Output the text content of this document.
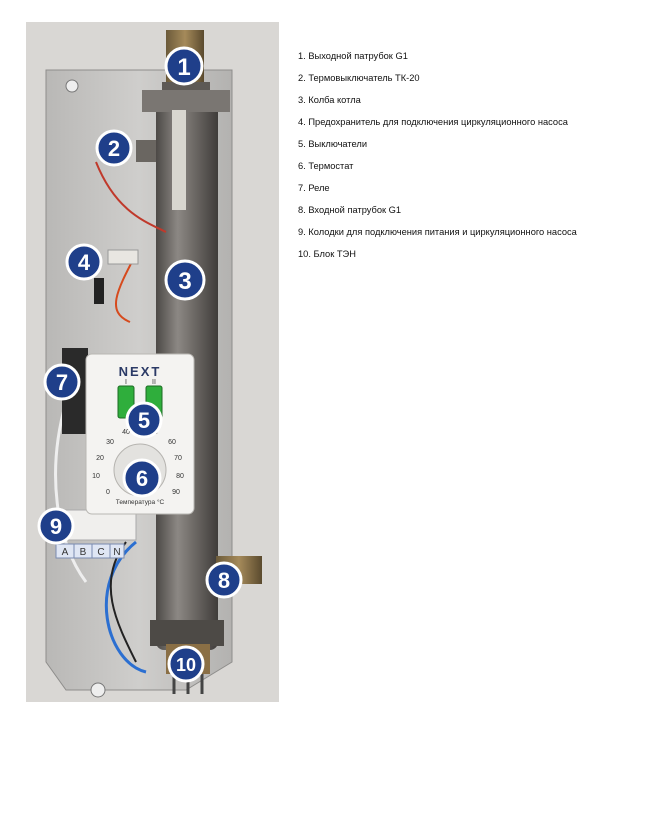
A B C N
NEXT
I	II
10
20
30
40
60
70
80
90
0
Температура °С
1
2
3
4
5
6
7
8
9
10
1. Выходной патрубок G1
2. Термовыключатель ТК-20
3. Колба котла
4. Предохранитель для подключения циркуляционного насоса
5. Выключатели
6. Термостат
7. Реле
8. Входной патрубок G1
9. Колодки для подключения питания и циркуляционного насоса
10. Блок ТЭН
